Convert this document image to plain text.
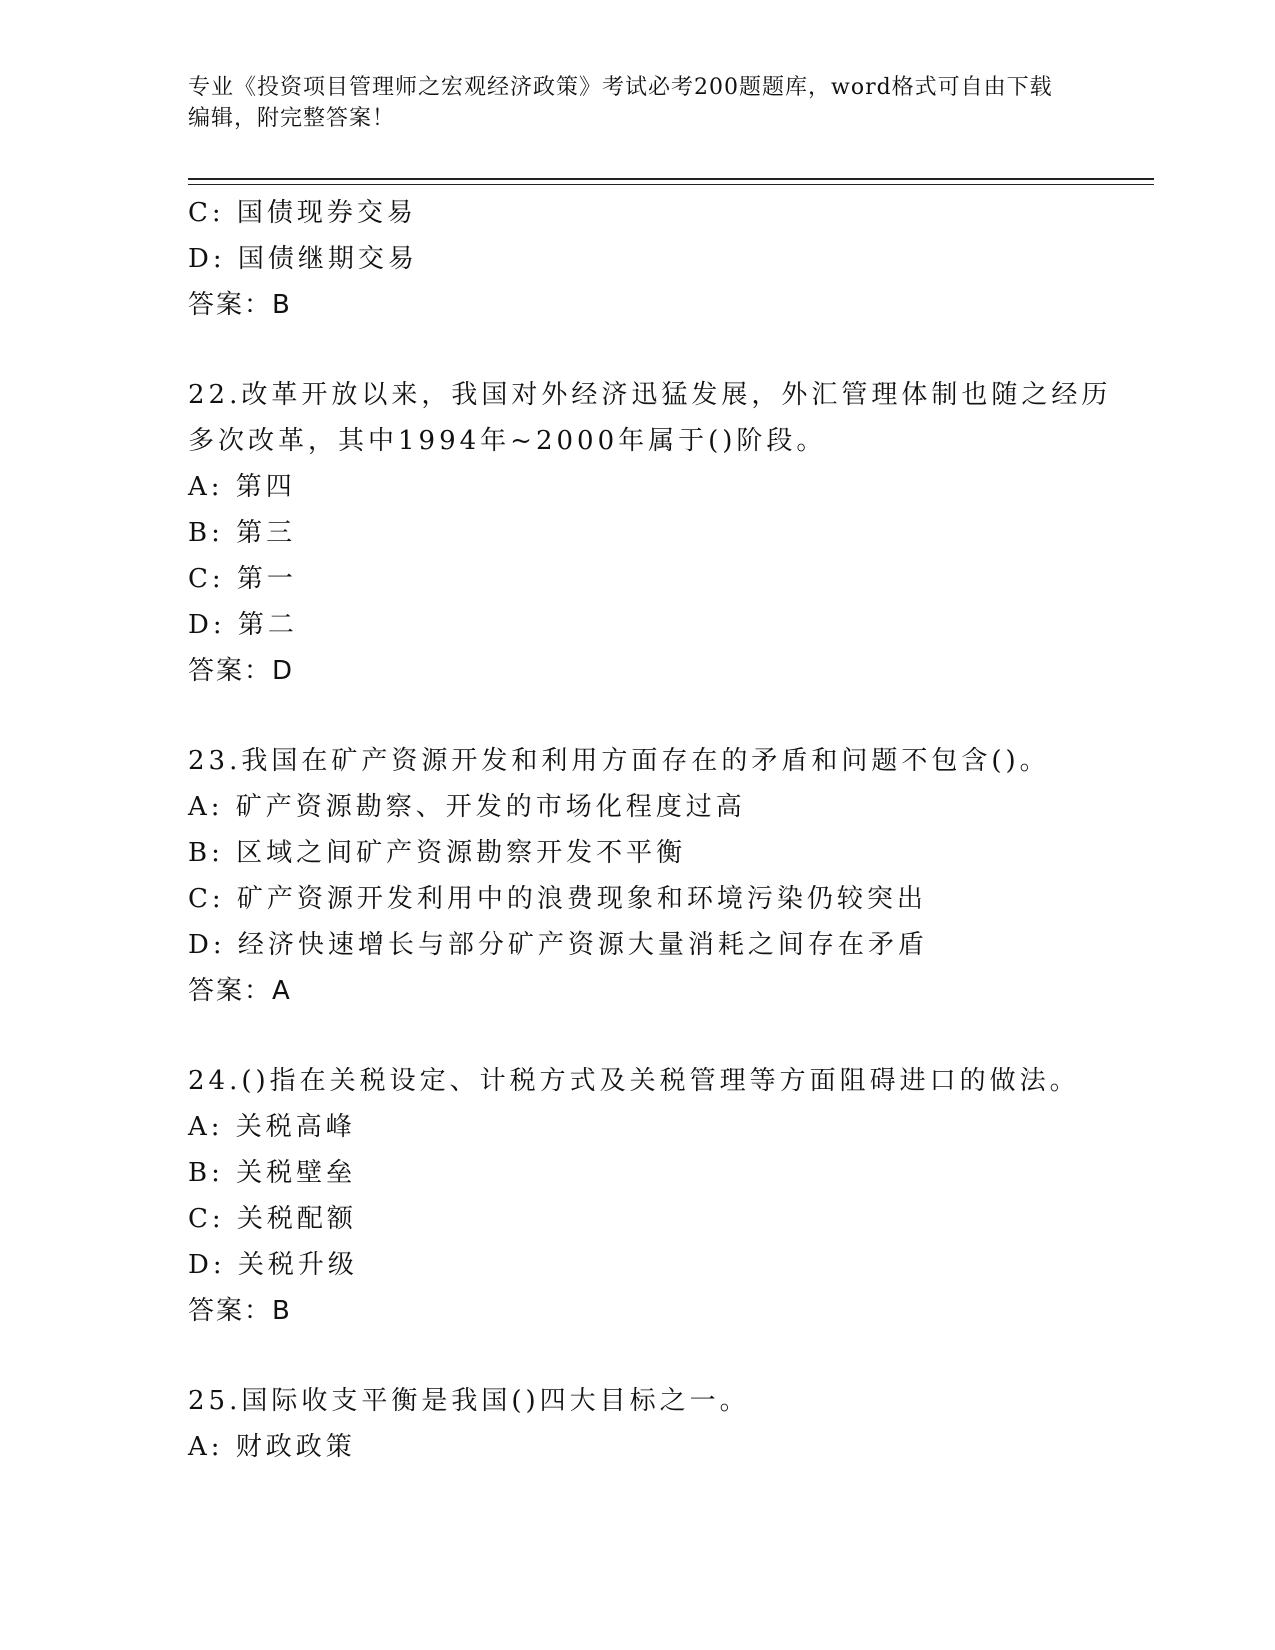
专业《投资项目管理师之宏观经济政策》考试必考200题题库，word格式可自由下载编辑，附完整答案！
C: 国债现券交易
D: 国债继期交易
答案：B
22.改革开放以来，我国对外经济迅猛发展，外汇管理体制也随之经历
多次改革，其中1994年~2000年属于()阶段。
A: 第四
B: 第三
C: 第一
D: 第二
答案：D
23.我国在矿产资源开发和利用方面存在的矛盾和问题不包含()。
A: 矿产资源勘察、开发的市场化程度过高
B: 区域之间矿产资源勘察开发不平衡
C: 矿产资源开发利用中的浪费现象和环境污染仍较突出
D: 经济快速增长与部分矿产资源大量消耗之间存在矛盾
答案：A
24.()指在关税设定、计税方式及关税管理等方面阻碍进口的做法。
A: 关税高峰
B: 关税壁垒
C: 关税配额
D: 关税升级
答案：B
25.国际收支平衡是我国()四大目标之一。
A: 财政政策
